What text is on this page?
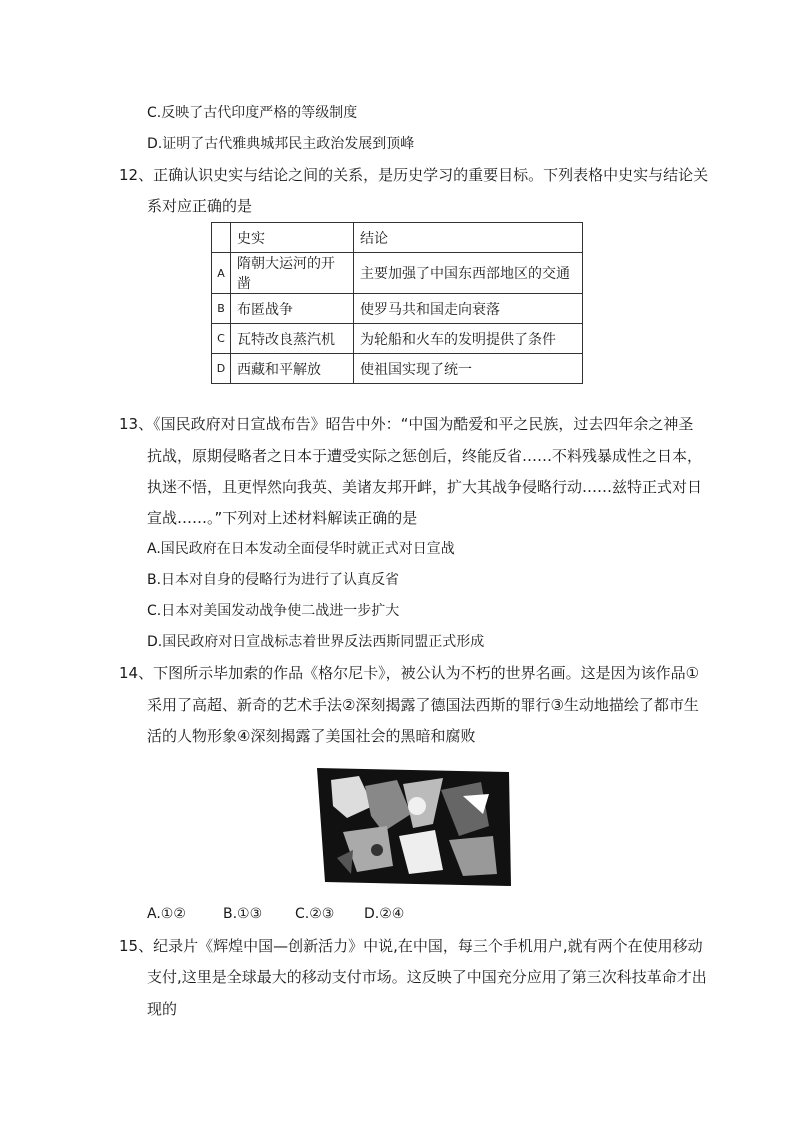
C.反映了古代印度严格的等级制度
D.证明了古代雅典城邦民主政治发展到顶峰
12、正确认识史实与结论之间的关系，是历史学习的重要目标。下列表格中史实与结论关
系对应正确的是
	史实	结论
A	隋朝大运河的开凿	主要加强了中国东西部地区的交通
B	布匿战争	使罗马共和国走向衰落
C	瓦特改良蒸汽机	为轮船和火车的发明提供了条件
D	西藏和平解放	使祖国实现了统一
13、《国民政府对日宣战布告》昭告中外：“中国为酷爱和平之民族，过去四年余之神圣
抗战，原期侵略者之日本于遭受实际之惩创后，终能反省……不料残暴成性之日本，
执迷不悟，且更悍然向我英、美诸友邦开衅，扩大其战争侵略行动……兹特正式对日
宣战……。”下列对上述材料解读正确的是
A.国民政府在日本发动全面侵华时就正式对日宣战
B.日本对自身的侵略行为进行了认真反省
C.日本对美国发动战争使二战进一步扩大
D.国民政府对日宣战标志着世界反法西斯同盟正式形成
14、下图所示毕加索的作品《格尔尼卡》，被公认为不朽的世界名画。这是因为该作品①
采用了高超、新奇的艺术手法②深刻揭露了德国法西斯的罪行③生动地描绘了都市生
活的人物形象④深刻揭露了美国社会的黑暗和腐败
A.①②	B.①③ C.②③ D.②④
15、纪录片《辉煌中国—创新活力》中说,在中国，每三个手机用户,就有两个在使用移动
支付,这里是全球最大的移动支付市场。这反映了中国充分应用了第三次科技革命才出
现的
